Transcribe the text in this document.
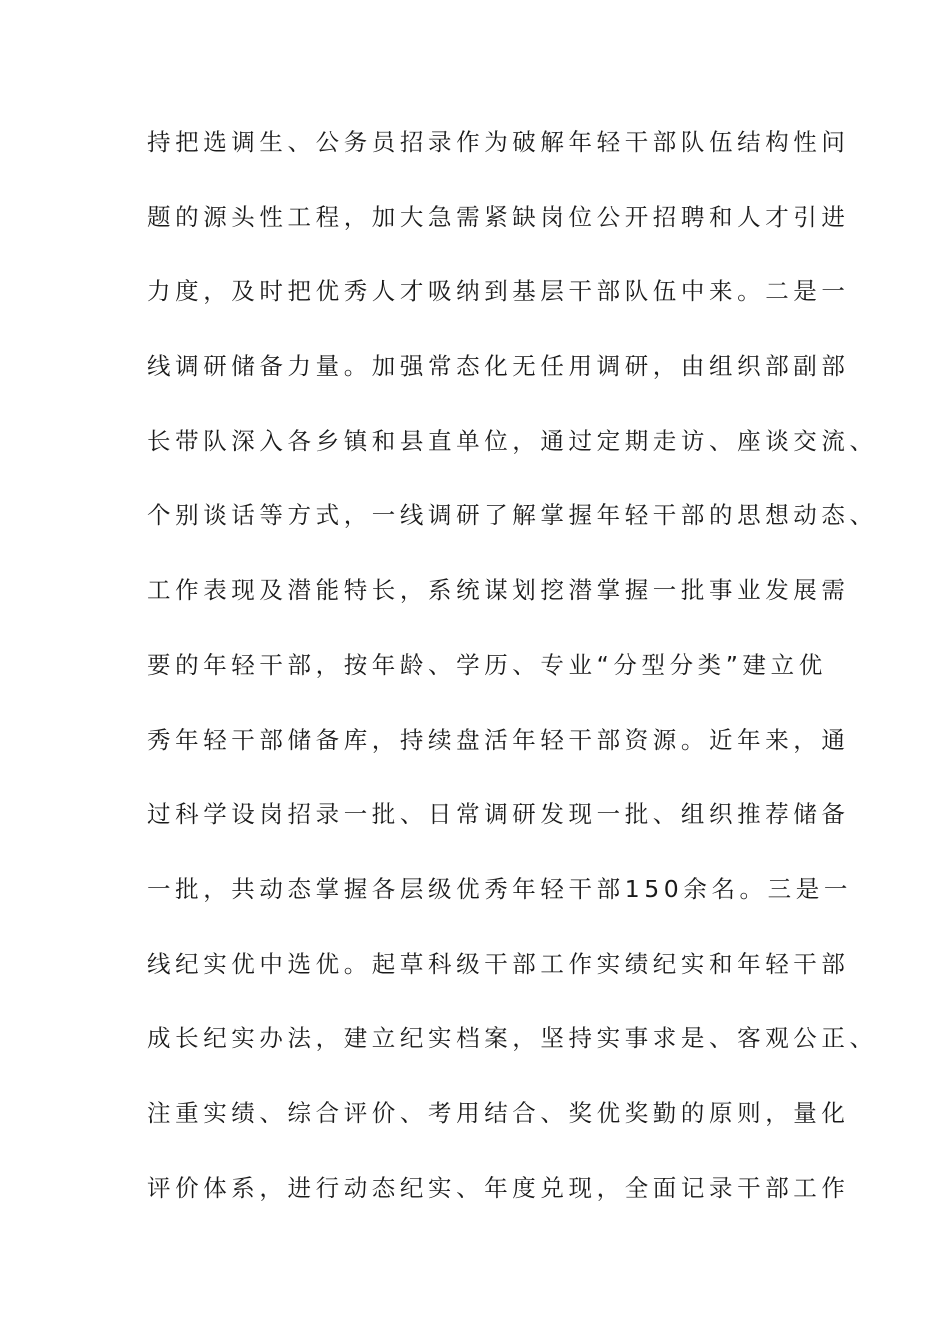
持把选调生、公务员招录作为破解年轻干部队伍结构性问
题的源头性工程，加大急需紧缺岗位公开招聘和人才引进
力度，及时把优秀人才吸纳到基层干部队伍中来。二是一
线调研储备力量。加强常态化无任用调研，由组织部副部
长带队深入各乡镇和县直单位，通过定期走访、座谈交流、
个别谈话等方式，一线调研了解掌握年轻干部的思想动态、
工作表现及潜能特长，系统谋划挖潜掌握一批事业发展需
要的年轻干部，按年龄、学历、专业“分型分类”建立优
秀年轻干部储备库，持续盘活年轻干部资源。近年来，通
过科学设岗招录一批、日常调研发现一批、组织推荐储备
一批，共动态掌握各层级优秀年轻干部150余名。三是一
线纪实优中选优。起草科级干部工作实绩纪实和年轻干部
成长纪实办法，建立纪实档案，坚持实事求是、客观公正、
注重实绩、综合评价、考用结合、奖优奖勤的原则，量化
评价体系，进行动态纪实、年度兑现，全面记录干部工作
